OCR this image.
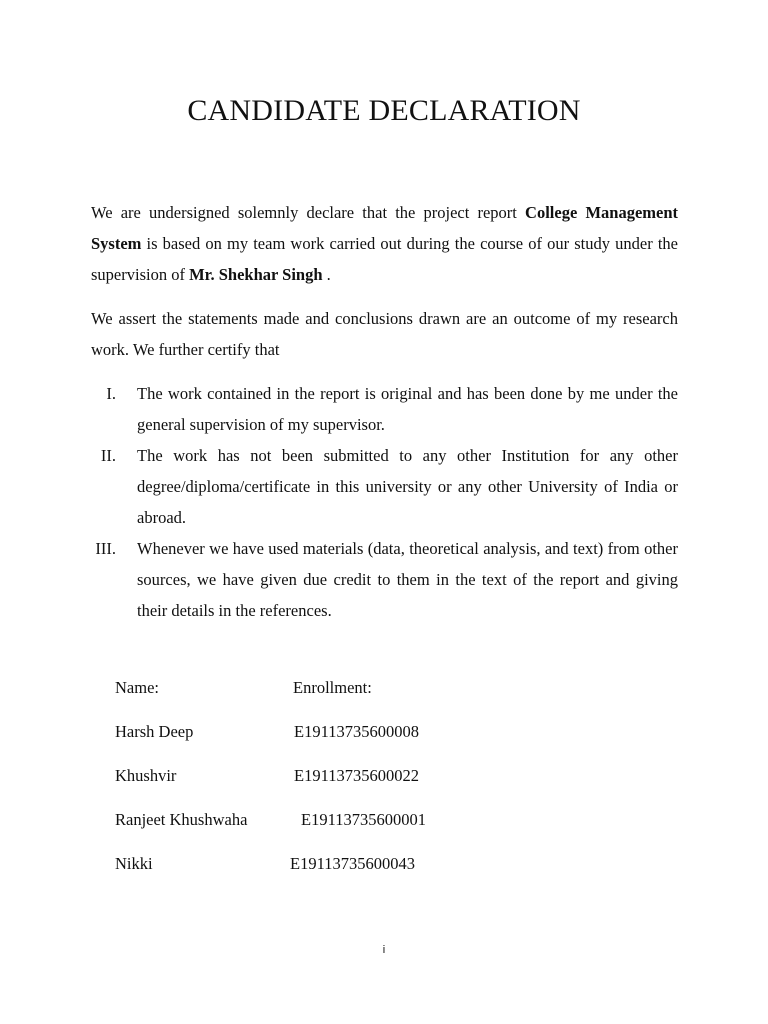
CANDIDATE DECLARATION

We are undersigned solemnly declare that the project report College Management System is based on my team work carried out during the course of our study under the supervision of Mr. Shekhar Singh .

We assert the statements made and conclusions drawn are an outcome of my research work. We further certify that

I. The work contained in the report is original and has been done by me under the general supervision of my supervisor.
II. The work has not been submitted to any other Institution for any other degree/diploma/certificate in this university or any other University of India or abroad.
III. Whenever we have used materials (data, theoretical analysis, and text) from other sources, we have given due credit to them in the text of the report and giving their details in the references.
Name:	Enrollment:
Harsh Deep	E19113735600008
Khushvir	E19113735600022
Ranjeet Khushwaha	E19113735600001
Nikki	E19113735600043
i
